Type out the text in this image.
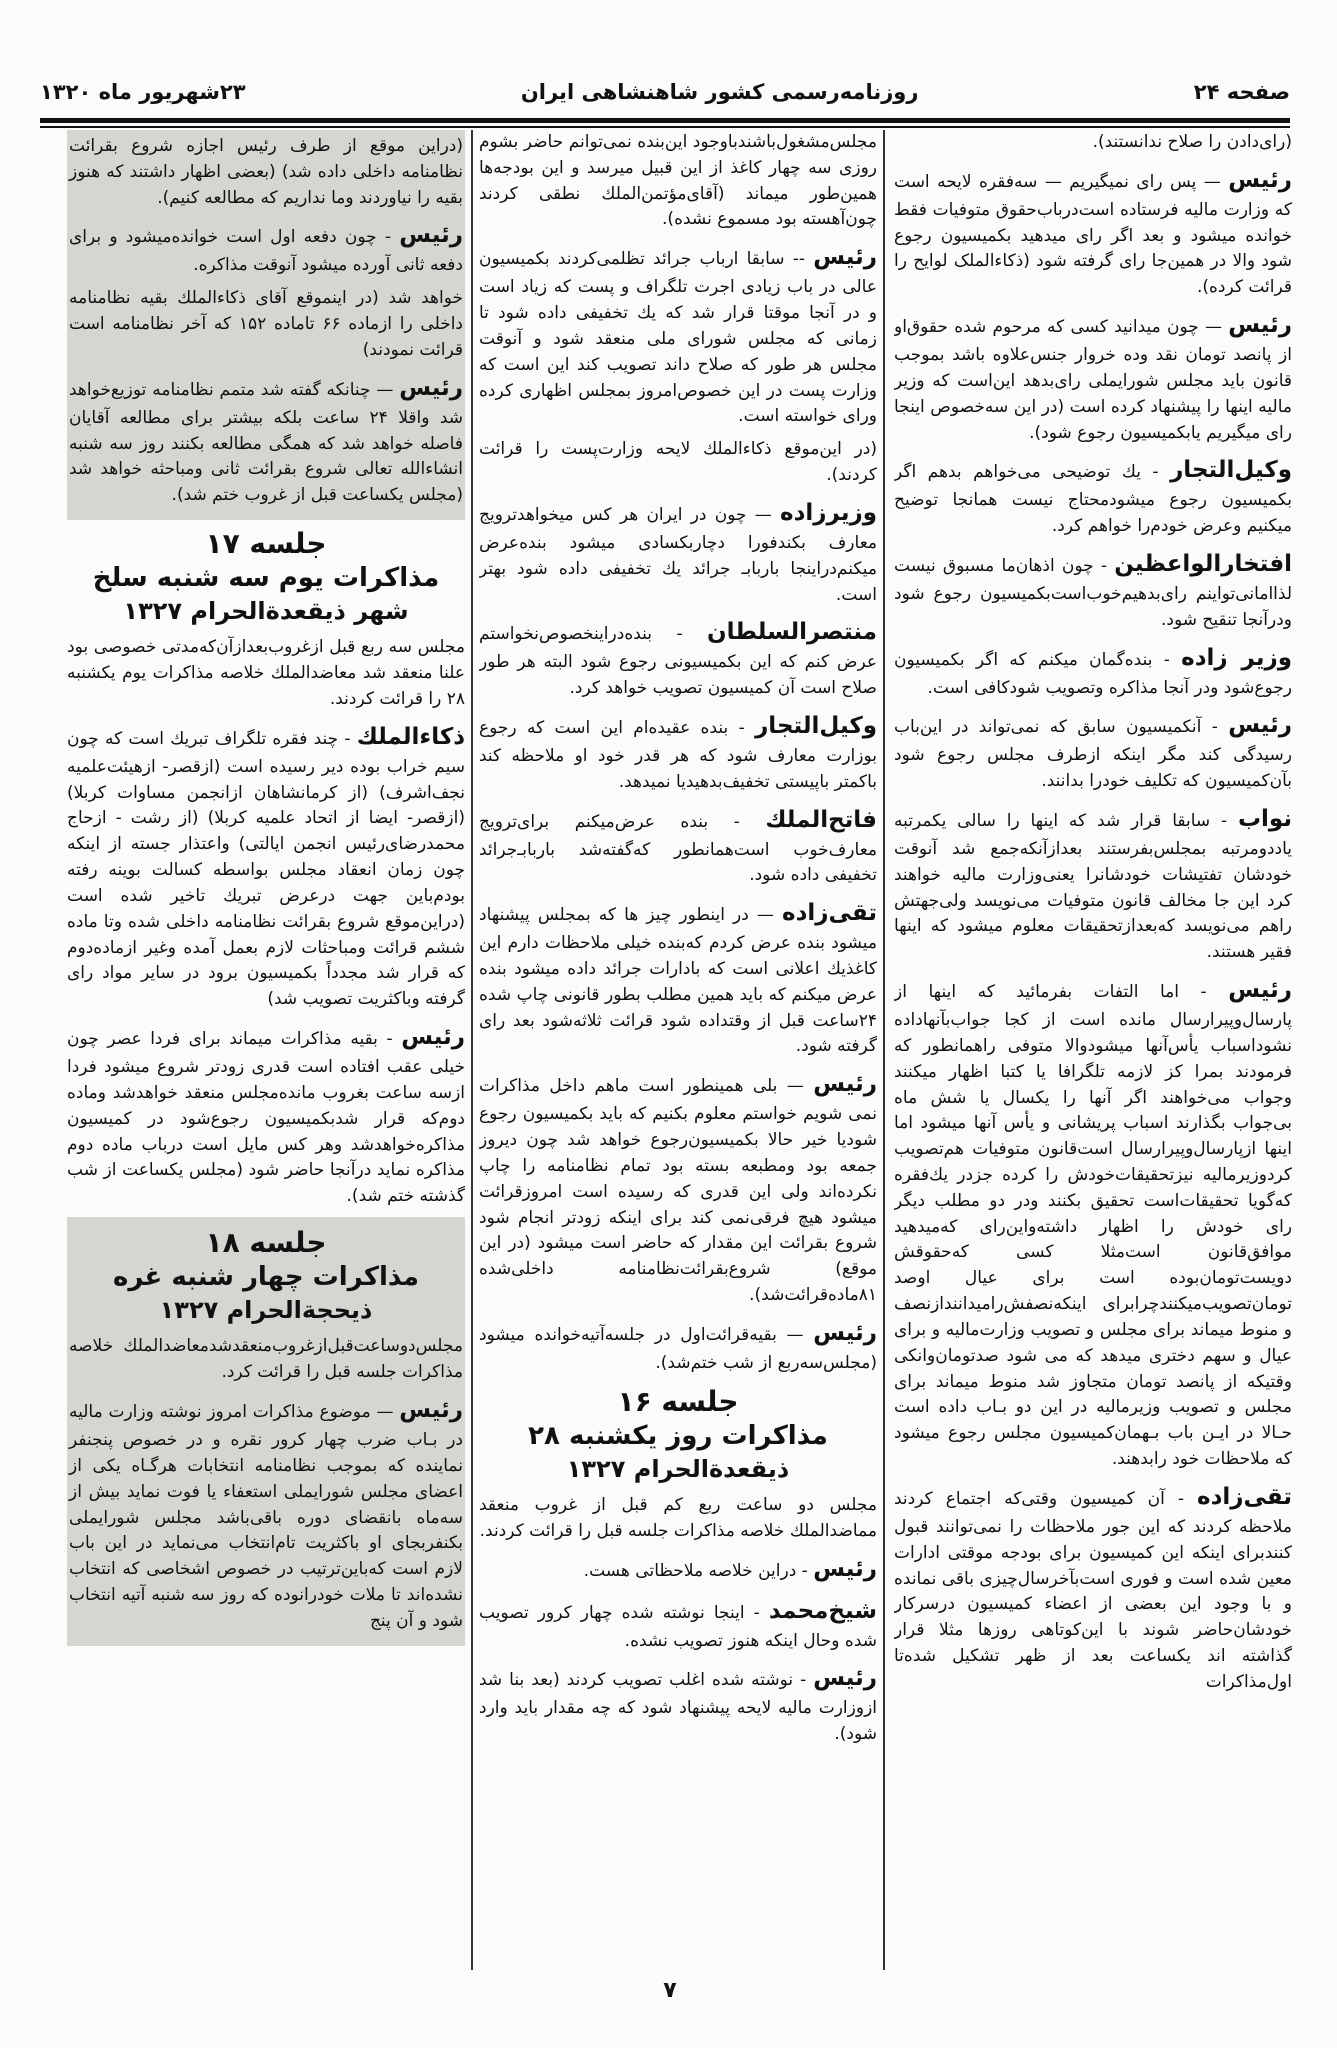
صفحه ۲۴
روزنامه‌رسمی کشور شاهنشاهی ایران
۲۳شهریور ماه ۱۳۲۰

(رای‌دادن را صلاح ندانستند).

رئیس — پس رای نمیگیریم — سه‌فقره لایحه است که وزارت مالیه فرستاده است‌در‌باب‌حقوق متوفیات فقط خوانده میشود و بعد اگر رای میدهید بکمیسیون رجوع شود والا در همین‌جا رای گرفته شود (ذکاءالملک لوایح را قرائت کرده).

رئیس — چون میدانید کسی که مرحوم شده حقوق‌او از پانصد تومان نقد وده خروار جنس‌علاوه باشد بموجب قانون باید مجلس شورایملی رای‌بدهد این‌است که وزیر مالیه اینها را پیشنهاد کرده است (در این سه‌خصوص اینجا رای میگیریم یا‌بکمیسیون رجوع شود).

وکیل‌التجار - یك توضیحی می‌خواهم بدهم اگر بکمیسیون رجوع میشود‌محتاج نیست همانجا توضیح میکنیم وعرض خودم‌را خواهم کرد.

افتخارالواعظین - چون اذهان‌ما مسبوق نیست لذا‌امانی‌تواینم رای‌بدهیم‌خوب‌است‌بکمیسیون رجوع شود ودرآنجا تنقیح شود.

وزیر زاده - بنده‌گمان میکنم که اگر بکمیسیون رجوع‌شود ودر آنجا مذاکره وتصویب شودکافی است.

رئیس - آنکمیسیون سابق که نمی‌تواند در این‌باب رسید‌گی کند مگر اینکه ازطرف مجلس رجوع شود بآن‌کمیسیون که تکلیف خودرا بدانند.

نواب - سابقا قرار شد که اینها را سالی یکمرتبه یاددومرتبه بمجلس‌بفرستند بعدازآنکه‌جمع شد آنوقت خودشان تفتیشات خودشانرا یعنی‌وزارت مالیه خواهند کرد این جا مخالف قانون متوفیات می‌نویسد ولی‌جهتش راهم می‌نویسد که‌بعدازتحقیقات معلوم میشود که اینها فقیر هستند.

رئیس - اما التفات بفرمائید که اینها از پارسال‌وپیرارسال مانده است از کجا جواب‌بآنهاداده نشود‌اسباب یأس‌آنها میشودوالا متوفی راهمانطور که فرمودند بمرا کز لازمه تلگرافا یا کتبا اظهار میکنند وجواب می‌خواهند اگر آنها را یکسال یا شش ماه بی‌جواب بگذارند اسباب پریشانی و یأس آنها میشود اما اینها ازپارسال‌وپیرارسال است‌قانون متوفیات هم‌تصویب کردوزیرمالیه نیزتحقیقات‌خودش را کرده جزدر یك‌فقره که‌گویا تحقیقات‌است تحقیق بکنند ودر دو مطلب دیگر رای خودش را اظهار داشته‌واین‌رای که‌میدهید موافق‌قانون است‌مثلا کسی که‌حقوقش دویست‌تومان‌بوده است برای عیال اوصد تومان‌تصویب‌میکنند‌چرابرای اینکه‌نصفش‌رامیدانند‌ازنصف و منوط میماند برای مجلس و تصویب وزارت‌مالیه و برای عیال و سهم دختری میدهد که می شود صدتومان‌وانکی وقتیکه از پانصد تومان متجاوز شد منوط میماند برای مجلس و تصویب وزیرمالیه در این دو بـاب داده است حـالا در ایـن باب بـهمان‌کمیسیون مجلس رجوع میشود که ملاحظات خود رابدهند.

تقی‌زاده - آن کمیسیون وقتی‌که اجتماع کردند ملاحظه کردند که این جور ملاحظات را نمی‌توانند قبول کنندبرای اینکه این کمیسیون برای بودجه موقتی ادارات معین شده است و فوری است‌بآخرسال‌چیزی باقی نمانده و با وجود این بعضی از اعضاء کمیسیون درسرکار خودشان‌حاضر شوند با این‌کوتاهی روزها مثلا قرار گذاشته اند یکساعت بعد از ظهر تشکیل شده‌تا اول‌مذاکرات

مجلس‌مشغول‌باشند‌باوجود این‌بنده نمی‌توانم حاضر بشوم روزی سه چهار کاغذ از این قبیل میرسد و این بودجه‌ها همین‌طور میماند (آقای‌مؤتمن‌الملك نطقی کردند چون‌آهسته بود مسموع نشده).

رئیس -- سابقا ارباب جرائد تظلمی‌کردند بکمیسیون عالی در باب زیادی اجرت تلگراف و پست که زیاد است و در آنجا موقتا قرار شد که یك تخفیفی داده شود تا زمانی که مجلس شورای ملی منعقد شود و آنوقت مجلس هر طور که صلاح داند تصویب کند این است که وزارت پست در این خصوص‌امروز بمجلس اظهاری کرده ورای خواسته است.

(در این‌موقع ذکاءالملك لایحه وزارت‌پست را قرائت کردند).

وزیرزاده — چون در ایران هر کس میخواهد‌ترویج معارف بکند‌فورا دچاربکسادی میشود بنده‌عرض میکنم‌دراینجا باربابـ جرائد یك تخفیفی داده شود بهتر است.

منتصر‌السلطان - بنده‌دراینخصوص‌نخواستم عرض کنم که این بکمیسیونی رجوع شود البته هر طور صلاح است آن کمیسیون تصویب خواهد کرد.

وکیل‌التجار - بنده عقیده‌ام این است که رجوع بوزارت معارف شود که هر قدر خود او ملاحظه کند با‌کمتر باپیستی تخفیف‌بدهید‌یا نمیدهد.

فاتح‌الملك - بنده عرض‌میکنم برای‌ترویج معارف‌خوب است‌همانطور که‌گفته‌شد باربابـ‌جرائد تخفیفی داده شود.

تقی‌زاده — در اینطور چیز ها که بمجلس پیشنهاد میشود بنده عرض کردم که‌بنده خیلی ملاحظات دارم این کاغذیك اعلانی است که بادارات جرائد داده میشود بنده عرض میکنم که باید همین مطلب بطور قانونی چاپ شده ۲۴ساعت قبل از وقتداده شود قرائت ثلاثه‌شود بعد رای گرفته شود.

رئیس — بلی همینطور است ماهم داخل مذاکرات نمی شویم خواستم معلوم بکنیم که باید بکمیسیون رجوع شودیا خیر حالا بکمیسیون‌رجوع خواهد شد چون دیروز جمعه بود ومطبعه بسته بود تمام نظامنامه را چاپ نکرده‌اند ولی این قدری که رسیده است امروزقرائت میشود هیچ فرقی‌نمی کند برای اینکه زودتر انجام شود شروع بقرائت این مقدار که حاضر است میشود (در این موقع) شروع‌بقرائت‌نظامنامه داخلی‌شده ۸۱ماده‌قرائت‌شد).

رئیس — بقیه‌قرائت‌اول در جلسه‌آتیه‌خوانده میشود (مجلس‌سه‌ربع از شب ختم‌شد).

جلسه ۱۶
مذاکرات روز یکشنبه ۲۸
ذیقعدةالحرام ۱۳۲۷

مجلس دو ساعت ربع کم قبل از غروب منعقد مماضدالملك خلاصه مذاکرات جلسه قبل را قرائت کردند.

رئیس - دراین خلاصه ملاحظاتی هست.

شیخ‌محمد - اینجا نوشته شده چهار کرور تصویب شده وحال اینکه هنوز تصویب نشده.

رئیس - نوشته شده اغلب تصویب کردند (بعد بنا شد ازوزارت مالیه لایحه پیشنهاد شود که چه مقدار باید وارد شود).

(دراین موقع از طرف رئیس اجازه شروع بقرائت نظامنامه داخلی داده شد) (بعضی اظهار داشتند که هنوز بقیه را نیاوردند وما نداریم که مطالعه کنیم).

رئیس - چون دفعه اول است خوانده‌میشود و برای دفعه ثانی آورده میشود آنوقت مذاکره.

خواهد شد (در اینموقع آقای ذکاءالملك بقیه نظامنامه داخلی را ازماده ۶۶ تاماده ۱۵۲ که آخر نظامنامه است قرائت نمودند)

رئیس — چنانکه گفته شد متمم نظامنامه توزیع‌خواهد شد واقلا ۲۴ ساعت بلکه بیشتر برای مطالعه آقایان فاصله خواهد شد که همگی مطالعه بکنند روز سه شنبه انشاءالله تعالی شروع بقرائت ثانی ومباحثه خواهد شد (مجلس یکساعت قبل از غروب ختم شد).

جلسه ۱۷
مذاکرات یوم سه شنبه سلخ
شهر ذیقعدةالحرام ۱۳۲۷

مجلس سه ربع قبل از‌غروب‌بعدازآن‌که‌مدتی خصوصی بود علنا منعقد شد معاضد‌الملك خلاصه مذاکرات یوم یکشنبه ۲۸ را قرائت کردند.

ذکاءالملك - چند فقره تلگراف تبریك است که چون سیم خراب بوده دیر رسیده است (ازقصر- ازهیئت‌علمیه نجف‌اشرف) (از کرمانشاهان ازانجمن مساوات کربلا) (ازقصر- ایضا از اتحاد علمیه کربلا) (از رشت - ازحاج محمدرضای‌رئیس انجمن ایالتی) واعتذار جسته از اینکه چون زمان انعقاد مجلس بواسطه کسالت بوینه رفته بودم‌باین جهت درعرض تبریك تاخیر شده است (دراین‌موقع شروع بقرائت نظامنامه داخلی شده وتا ماده ششم قرائت ومباحثات لازم بعمل آمده وغیر ازماده‌دوم که قرار شد مجدداً بکمیسیون برود در سایر مواد رای گرفته وباکثریت تصویب شد)

رئیس - بقیه مذاکرات میماند برای فردا عصر چون خیلی عقب افتاده است قدری زودتر شروع میشود فردا ازسه ساعت بغروب مانده‌مجلس منعقد خواهدشد وماده دوم‌که قرار شدبکمیسیون رجوع‌شود در کمیسیون مذاکره‌خواهدشد وهر کس مایل است درباب ماده دوم مذاکره نماید درآنجا حاضر شود (مجلس یکساعت از شب گذشته ختم شد).

جلسه ۱۸
مذاکرات چهار شنبه غره
ذیحجةالحرام ۱۳۲۷

مجلس‌دوساعت‌قبل‌ازغروب‌منعقدشد‌معاضدالملك خلاصه مذاکرات جلسه قبل را قرائت کرد.

رئیس — موضوع مذاکرات امروز نوشته وزارت مالیه در بـاب ضرب چهار کرور نقره و در خصوص پنجنفر نماینده که بموجب نظامنامه انتخابات هرگـاه یکی از اعضای مجلس شورایملی استعفاء یا فوت نماید بیش از سه‌ماه بانقضای دوره باقی‌باشد مجلس شورایملی بکنفر‌بجای او باکثریت تام‌انتخاب می‌نماید در این باب لازم است که‌باین‌ترتیب در خصوص اشخاصی که انتخاب نشده‌اند تا ملات خودرانوده که روز سه شنبه آتیه انتخاب شود و آن پنج

۷
